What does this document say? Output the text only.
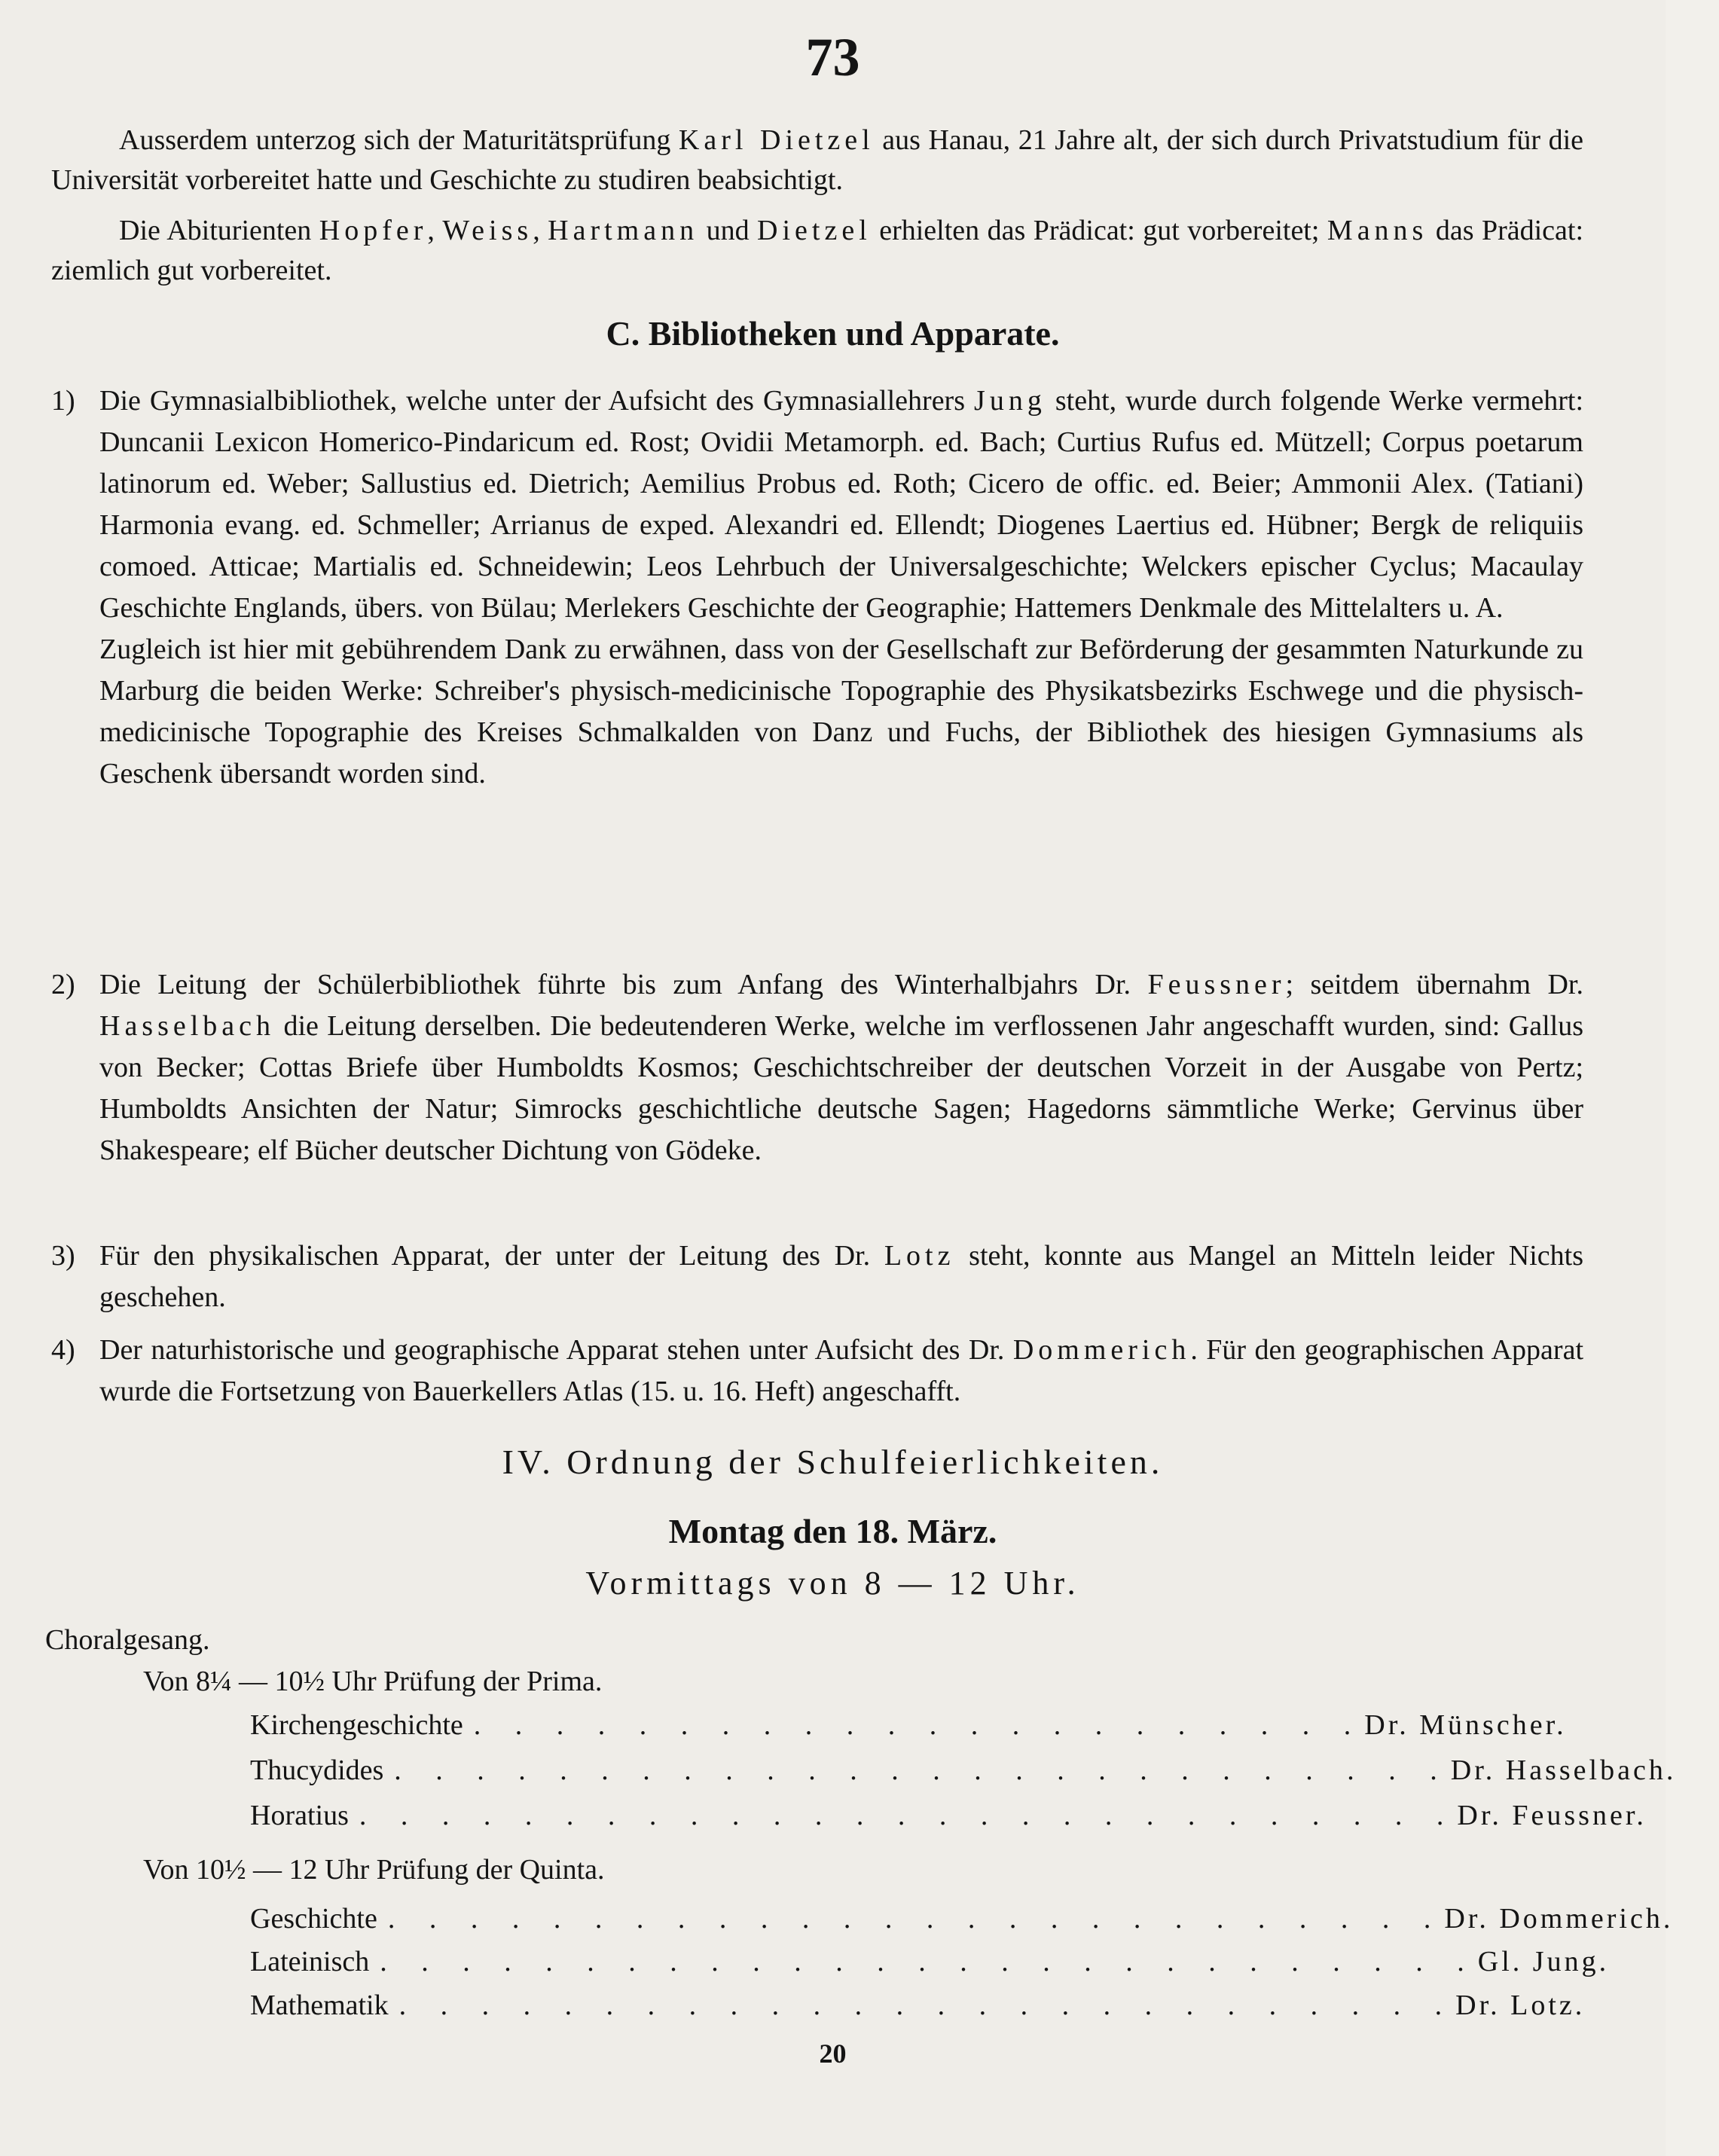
73

Ausserdem unterzog sich der Maturitätsprüfung Karl Dietzel aus Hanau, 21 Jahre alt, der sich durch Privatstudium für die Universität vorbereitet hatte und Geschichte zu studiren beabsichtigt.

Die Abiturienten Hopfer, Weiss, Hartmann und Dietzel erhielten das Prädicat: gut vorbereitet; Manns das Prädicat: ziemlich gut vorbereitet.

C. Bibliotheken und Apparate.
1) Die Gymnasialbibliothek, welche unter der Aufsicht des Gymnasiallehrers Jung steht, wurde durch folgende Werke vermehrt: Duncanii Lexicon Homerico-Pindaricum ed. Rost; Ovidii Metamorph. ed. Bach; Curtius Rufus ed. Mützell; Corpus poetarum latinorum ed. Weber; Sallustius ed. Dietrich; Aemilius Probus ed. Roth; Cicero de offic. ed. Beier; Ammonii Alex. (Tatiani) Harmonia evang. ed. Schmeller; Arrianus de exped. Alexandri ed. Ellendt; Diogenes Laertius ed. Hübner; Bergk de reliquiis comoed. Atticae; Martialis ed. Schneidewin; Leos Lehrbuch der Universalgeschichte; Welckers epischer Cyclus; Macaulay Geschichte Englands, übers. von Bülau; Merlekers Geschichte der Geographie; Hattemers Denkmale des Mittelalters u. A.

Zugleich ist hier mit gebührendem Dank zu erwähnen, dass von der Gesellschaft zur Beförderung der gesammten Naturkunde zu Marburg die beiden Werke: Schreiber's physisch-medicinische Topographie des Physikatsbezirks Eschwege und die physisch-medicinische Topographie des Kreises Schmalkalden von Danz und Fuchs, der Bibliothek des hiesigen Gymnasiums als Geschenk übersandt worden sind.

2) Die Leitung der Schülerbibliothek führte bis zum Anfang des Winterhalbjahrs Dr. Feussner; seitdem übernahm Dr. Hasselbach die Leitung derselben. Die bedeutenderen Werke, welche im verflossenen Jahr angeschafft wurden, sind: Gallus von Becker; Cottas Briefe über Humboldts Kosmos; Geschichtschreiber der deutschen Vorzeit in der Ausgabe von Pertz; Humboldts Ansichten der Natur; Simrocks geschichtliche deutsche Sagen; Hagedorns sämmtliche Werke; Gervinus über Shakespeare; elf Bücher deutscher Dichtung von Gödeke.

3) Für den physikalischen Apparat, der unter der Leitung des Dr. Lotz steht, konnte aus Mangel an Mitteln leider Nichts geschehen.

4) Der naturhistorische und geographische Apparat stehen unter Aufsicht des Dr. Dommerich. Für den geographischen Apparat wurde die Fortsetzung von Bauerkellers Atlas (15. u. 16. Heft) angeschafft.

IV. Ordnung der Schulfeierlichkeiten.
Montag den 18. März.
Vormittags von 8 — 12 Uhr.
Choralgesang.
Von 8¼ — 10½ Uhr Prüfung der Prima.
Kirchengeschichte . . . . . . . . . . . . . . . . . . . . . . Dr. Münscher.
Thucydides . . . . . . . . . . . . . . . . . . . . . . . . . . Dr. Hasselbach.
Horatius . . . . . . . . . . . . . . . . . . . . . . . . . . . Dr. Feussner.
Von 10½ — 12 Uhr Prüfung der Quinta.
Geschichte . . . . . . . . . . . . . . . . . . . . . . . . . . Dr. Dommerich.
Lateinisch . . . . . . . . . . . . . . . . . . . . . . . . . . . Gl. Jung.
Mathematik . . . . . . . . . . . . . . . . . . . . . . . . . . Dr. Lotz.
20
